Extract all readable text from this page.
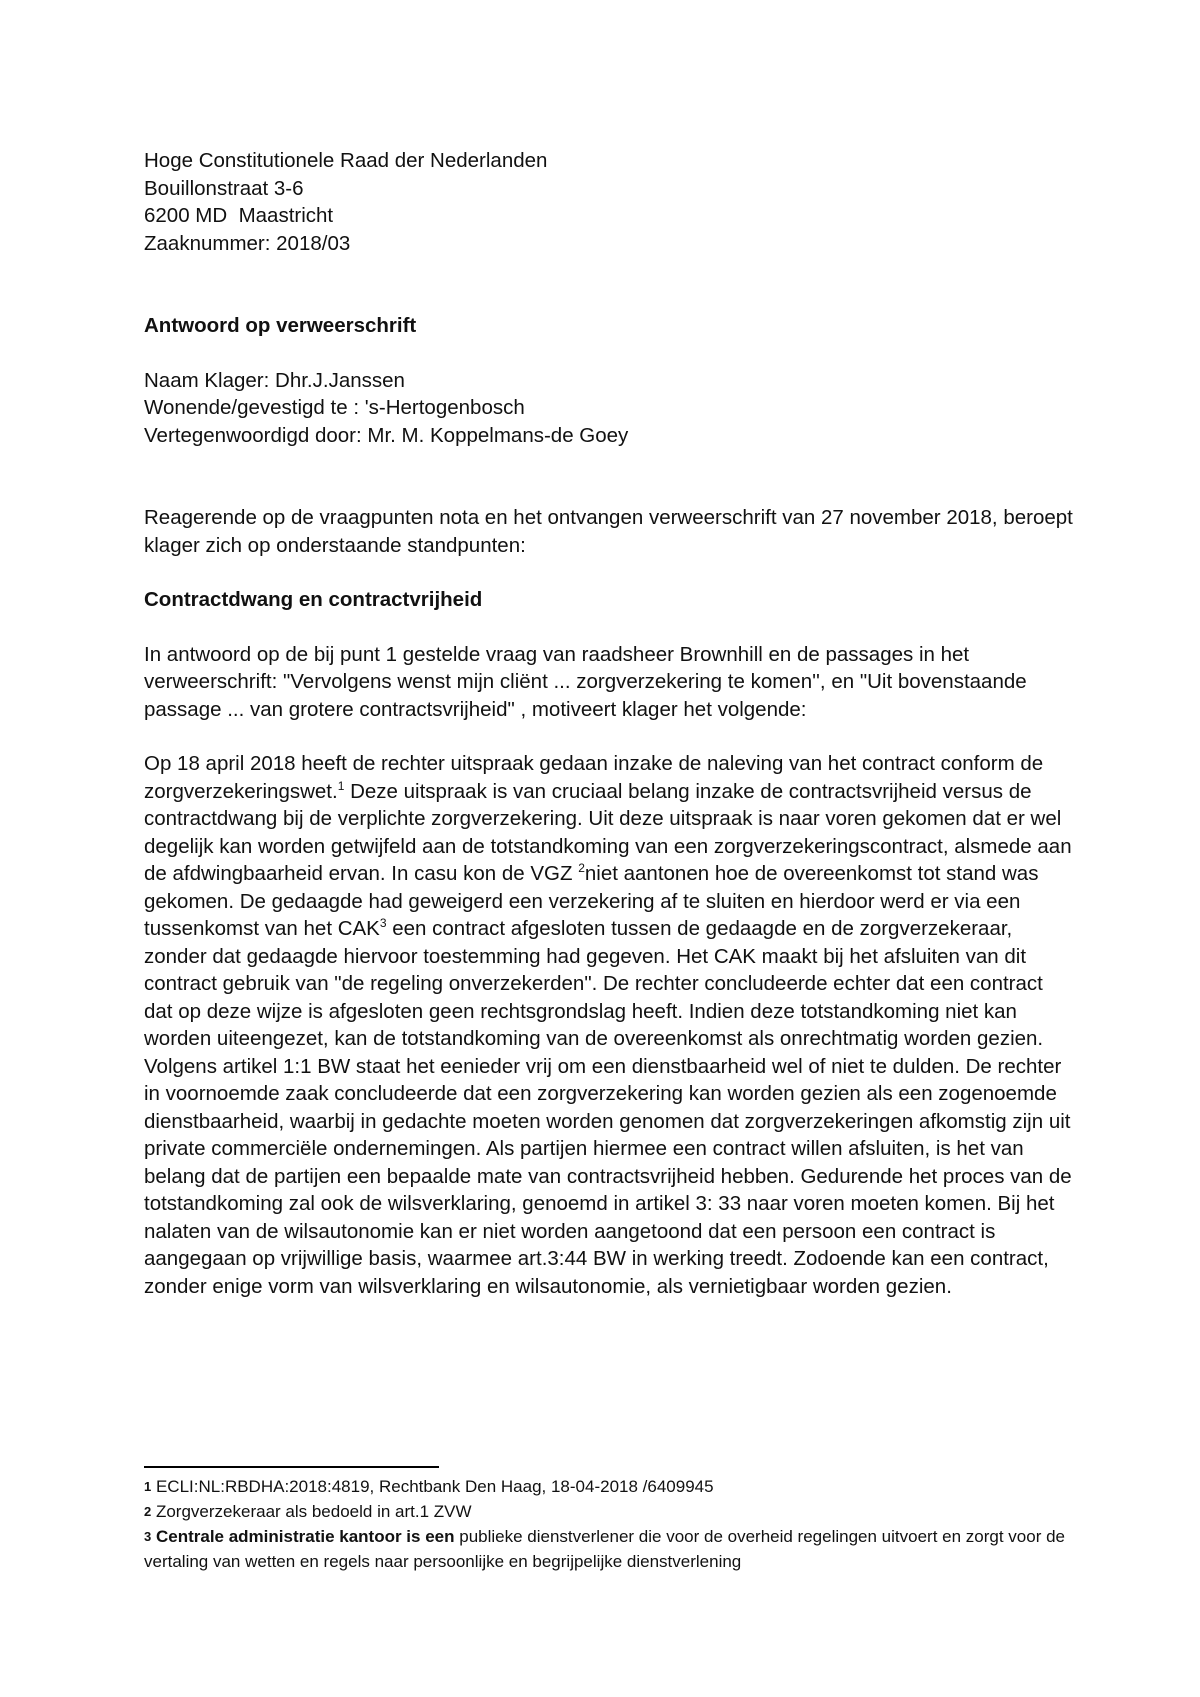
Hoge Constitutionele Raad der Nederlanden
Bouillonstraat 3-6
6200 MD  Maastricht
Zaaknummer: 2018/03
Antwoord op verweerschrift
Naam Klager: Dhr.J.Janssen
Wonende/gevestigd te : 's-Hertogenbosch
Vertegenwoordigd door: Mr. M. Koppelmans-de Goey
Reagerende op de vraagpunten nota en het ontvangen verweerschrift van 27 november 2018, beroept klager zich op onderstaande standpunten:
Contractdwang en contractvrijheid
In antwoord op de bij punt 1 gestelde vraag van raadsheer Brownhill en de passages in het verweerschrift: "Vervolgens wenst mijn cliënt ... zorgverzekering te komen'', en "Uit bovenstaande passage ... van grotere contractsvrijheid" , motiveert klager het volgende:
Op 18 april 2018 heeft de rechter uitspraak gedaan inzake de naleving van het contract conform de zorgverzekeringswet.$^1$ Deze uitspraak is van cruciaal belang inzake de contractsvrijheid versus de contractdwang bij de verplichte zorgverzekering. Uit deze uitspraak is naar voren gekomen dat er wel degelijk kan worden getwijfeld aan de totstandkoming van een zorgverzekeringscontract, alsmede aan de afdwingbaarheid ervan. In casu kon de VGZ $^2$niet aantonen hoe de overeenkomst tot stand was gekomen. De gedaagde had geweigerd een verzekering af te sluiten en hierdoor werd er via een tussenkomst van het CAK$^3$ een contract afgesloten tussen de gedaagde en de zorgverzekeraar, zonder dat gedaagde hiervoor toestemming had gegeven. Het CAK maakt bij het afsluiten van dit contract gebruik van "de regeling onverzekerden". De rechter concludeerde echter dat een contract dat op deze wijze is afgesloten geen rechtsgrondslag heeft. Indien deze totstandkoming niet kan worden uiteengezet, kan de totstandkoming van de overeenkomst als onrechtmatig worden gezien.
Volgens artikel 1:1 BW staat het eenieder vrij om een dienstbaarheid wel of niet te dulden. De rechter in voornoemde zaak concludeerde dat een zorgverzekering kan worden gezien als een zogenoemde dienstbaarheid, waarbij in gedachte moeten worden genomen dat zorgverzekeringen afkomstig zijn uit private commerciële ondernemingen. Als partijen hiermee een contract willen afsluiten, is het van belang dat de partijen een bepaalde mate van contractsvrijheid hebben. Gedurende het proces van de totstandkoming zal ook de wilsverklaring, genoemd in artikel 3: 33 naar voren moeten komen. Bij het nalaten van de wilsautonomie kan er niet worden aangetoond dat een persoon een contract is aangegaan op vrijwillige basis, waarmee art.3:44 BW in werking treedt. Zodoende kan een contract, zonder enige vorm van wilsverklaring en wilsautonomie, als vernietigbaar worden gezien.
$^1$ ECLI:NL:RBDHA:2018:4819, Rechtbank Den Haag, 18-04-2018 /6409945
$^2$ Zorgverzekeraar als bedoeld in art.1 ZVW
$^3$ Centrale administratie kantoor is een publieke dienstverlener die voor de overheid regelingen uitvoert en zorgt voor de vertaling van wetten en regels naar persoonlijke en begrijpelijke dienstverlening
